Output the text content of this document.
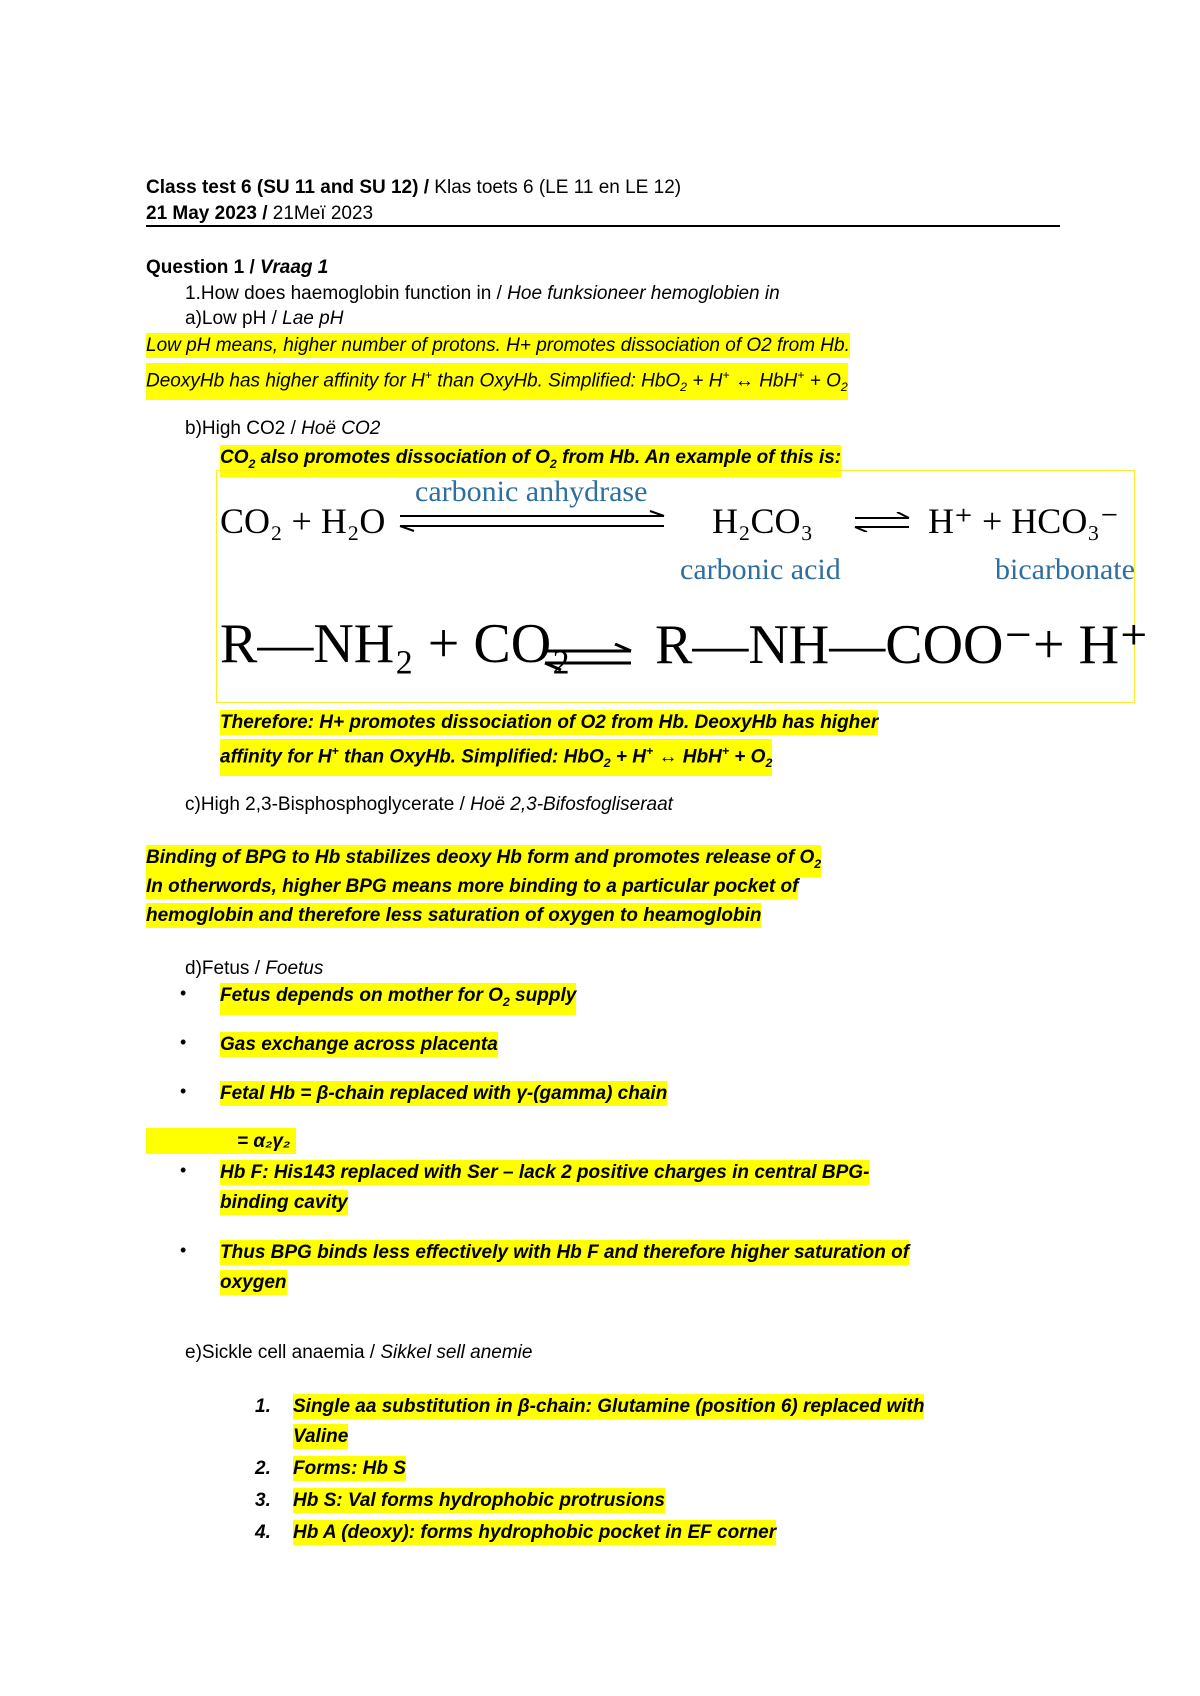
Class test 6 (SU 11 and SU 12) / Klas toets 6 (LE 11 en LE 12)
21 May 2023 / 21Meï 2023
Question 1 / Vraag 1
1.How does haemoglobin function in / Hoe funksioneer hemoglobien in
a)Low pH / Lae pH
Low pH means, higher number of protons. H+ promotes dissociation of O2 from Hb.
DeoxyHb has higher affinity for H+ than OxyHb. Simplified: HbO$_2$ + H+ ↔ $HbH^+ + O_2$
b)High CO2 / Hoë CO2
$CO_2$ also promotes dissociation of $O_2$ from Hb. An example of this is:
CO₂ + H₂O
carbonic anhydrase
H₂CO₃	H⁺ + HCO₃⁻
carbonic acid	bicarbonate
R—NH₂ + CO₂ R—NH—COO⁻+ H⁺
Therefore: H+ promotes dissociation of O2 from Hb. DeoxyHb has higher
affinity for H+ than OxyHb. Simplified: HbO$_2$ + H+ ↔ $HbH^+ + O_2$
c)High 2,3-Bisphosphoglycerate / Hoë 2,3-Bifosfogliseraat
Binding of BPG to Hb stabilizes deoxy Hb form and promotes release of $O_2$
In otherwords, higher BPG means more binding to a particular pocket of
hemoglobin and therefore less saturation of oxygen to heamoglobin
d)Fetus / Foetus
• Fetus depends on mother for $O_2$ supply
• Gas exchange across placenta
• Fetal Hb = β-chain replaced with γ-(gamma) chain
= α₂γ₂
• Hb F: His143 replaced with Ser – lack 2 positive charges in central BPG-
binding cavity
• Thus BPG binds less effectively with Hb F and therefore higher saturation of
oxygen
e)Sickle cell anaemia / Sikkel sell anemie
1. Single aa substitution in β-chain: Glutamine (position 6) replaced with
Valine
2. Forms: Hb S
3. Hb S: Val forms hydrophobic protrusions
4. Hb A (deoxy): forms hydrophobic pocket in EF corner
